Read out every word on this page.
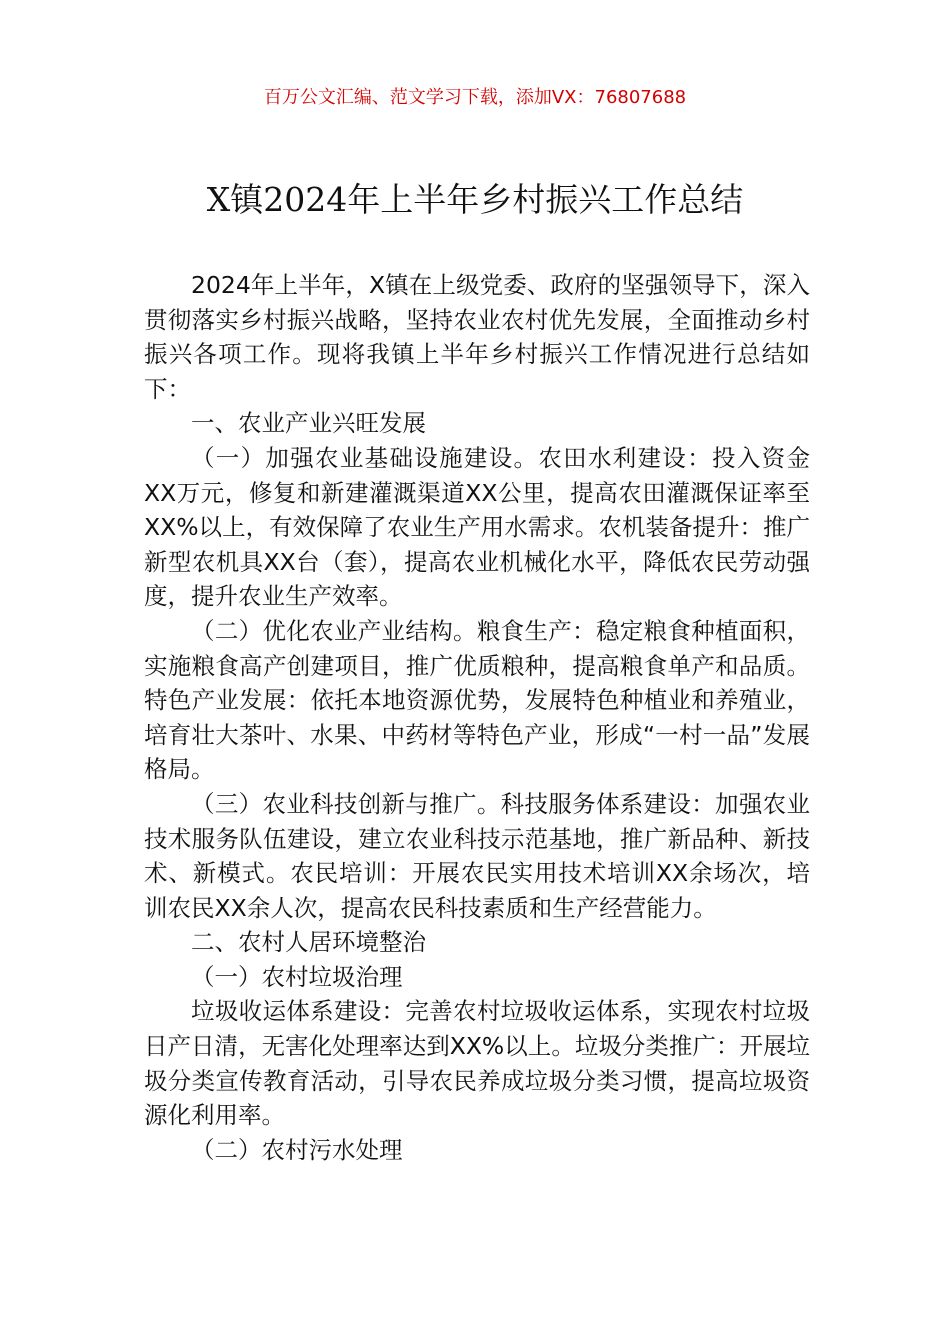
百万公文汇编、范文学习下载，添加VX：76807688
X镇2024年上半年乡村振兴工作总结

2024年上半年，X镇在上级党委、政府的坚强领导下，深入贯彻落实乡村振兴战略，坚持农业农村优先发展，全面推动乡村振兴各项工作。现将我镇上半年乡村振兴工作情况进行总结如下：

一、农业产业兴旺发展

（一）加强农业基础设施建设。农田水利建设：投入资金XX万元，修复和新建灌溉渠道XX公里，提高农田灌溉保证率至XX%以上，有效保障了农业生产用水需求。农机装备提升：推广新型农机具XX台（套），提高农业机械化水平，降低农民劳动强度，提升农业生产效率。

（二）优化农业产业结构。粮食生产：稳定粮食种植面积，实施粮食高产创建项目，推广优质粮种，提高粮食单产和品质。特色产业发展：依托本地资源优势，发展特色种植业和养殖业，培育壮大茶叶、水果、中药材等特色产业，形成“一村一品”发展格局。

（三）农业科技创新与推广。科技服务体系建设：加强农业技术服务队伍建设，建立农业科技示范基地，推广新品种、新技术、新模式。农民培训：开展农民实用技术培训XX余场次，培训农民XX余人次，提高农民科技素质和生产经营能力。

二、农村人居环境整治

（一）农村垃圾治理

垃圾收运体系建设：完善农村垃圾收运体系，实现农村垃圾日产日清，无害化处理率达到XX%以上。垃圾分类推广：开展垃圾分类宣传教育活动，引导农民养成垃圾分类习惯，提高垃圾资源化利用率。

（二）农村污水处理
